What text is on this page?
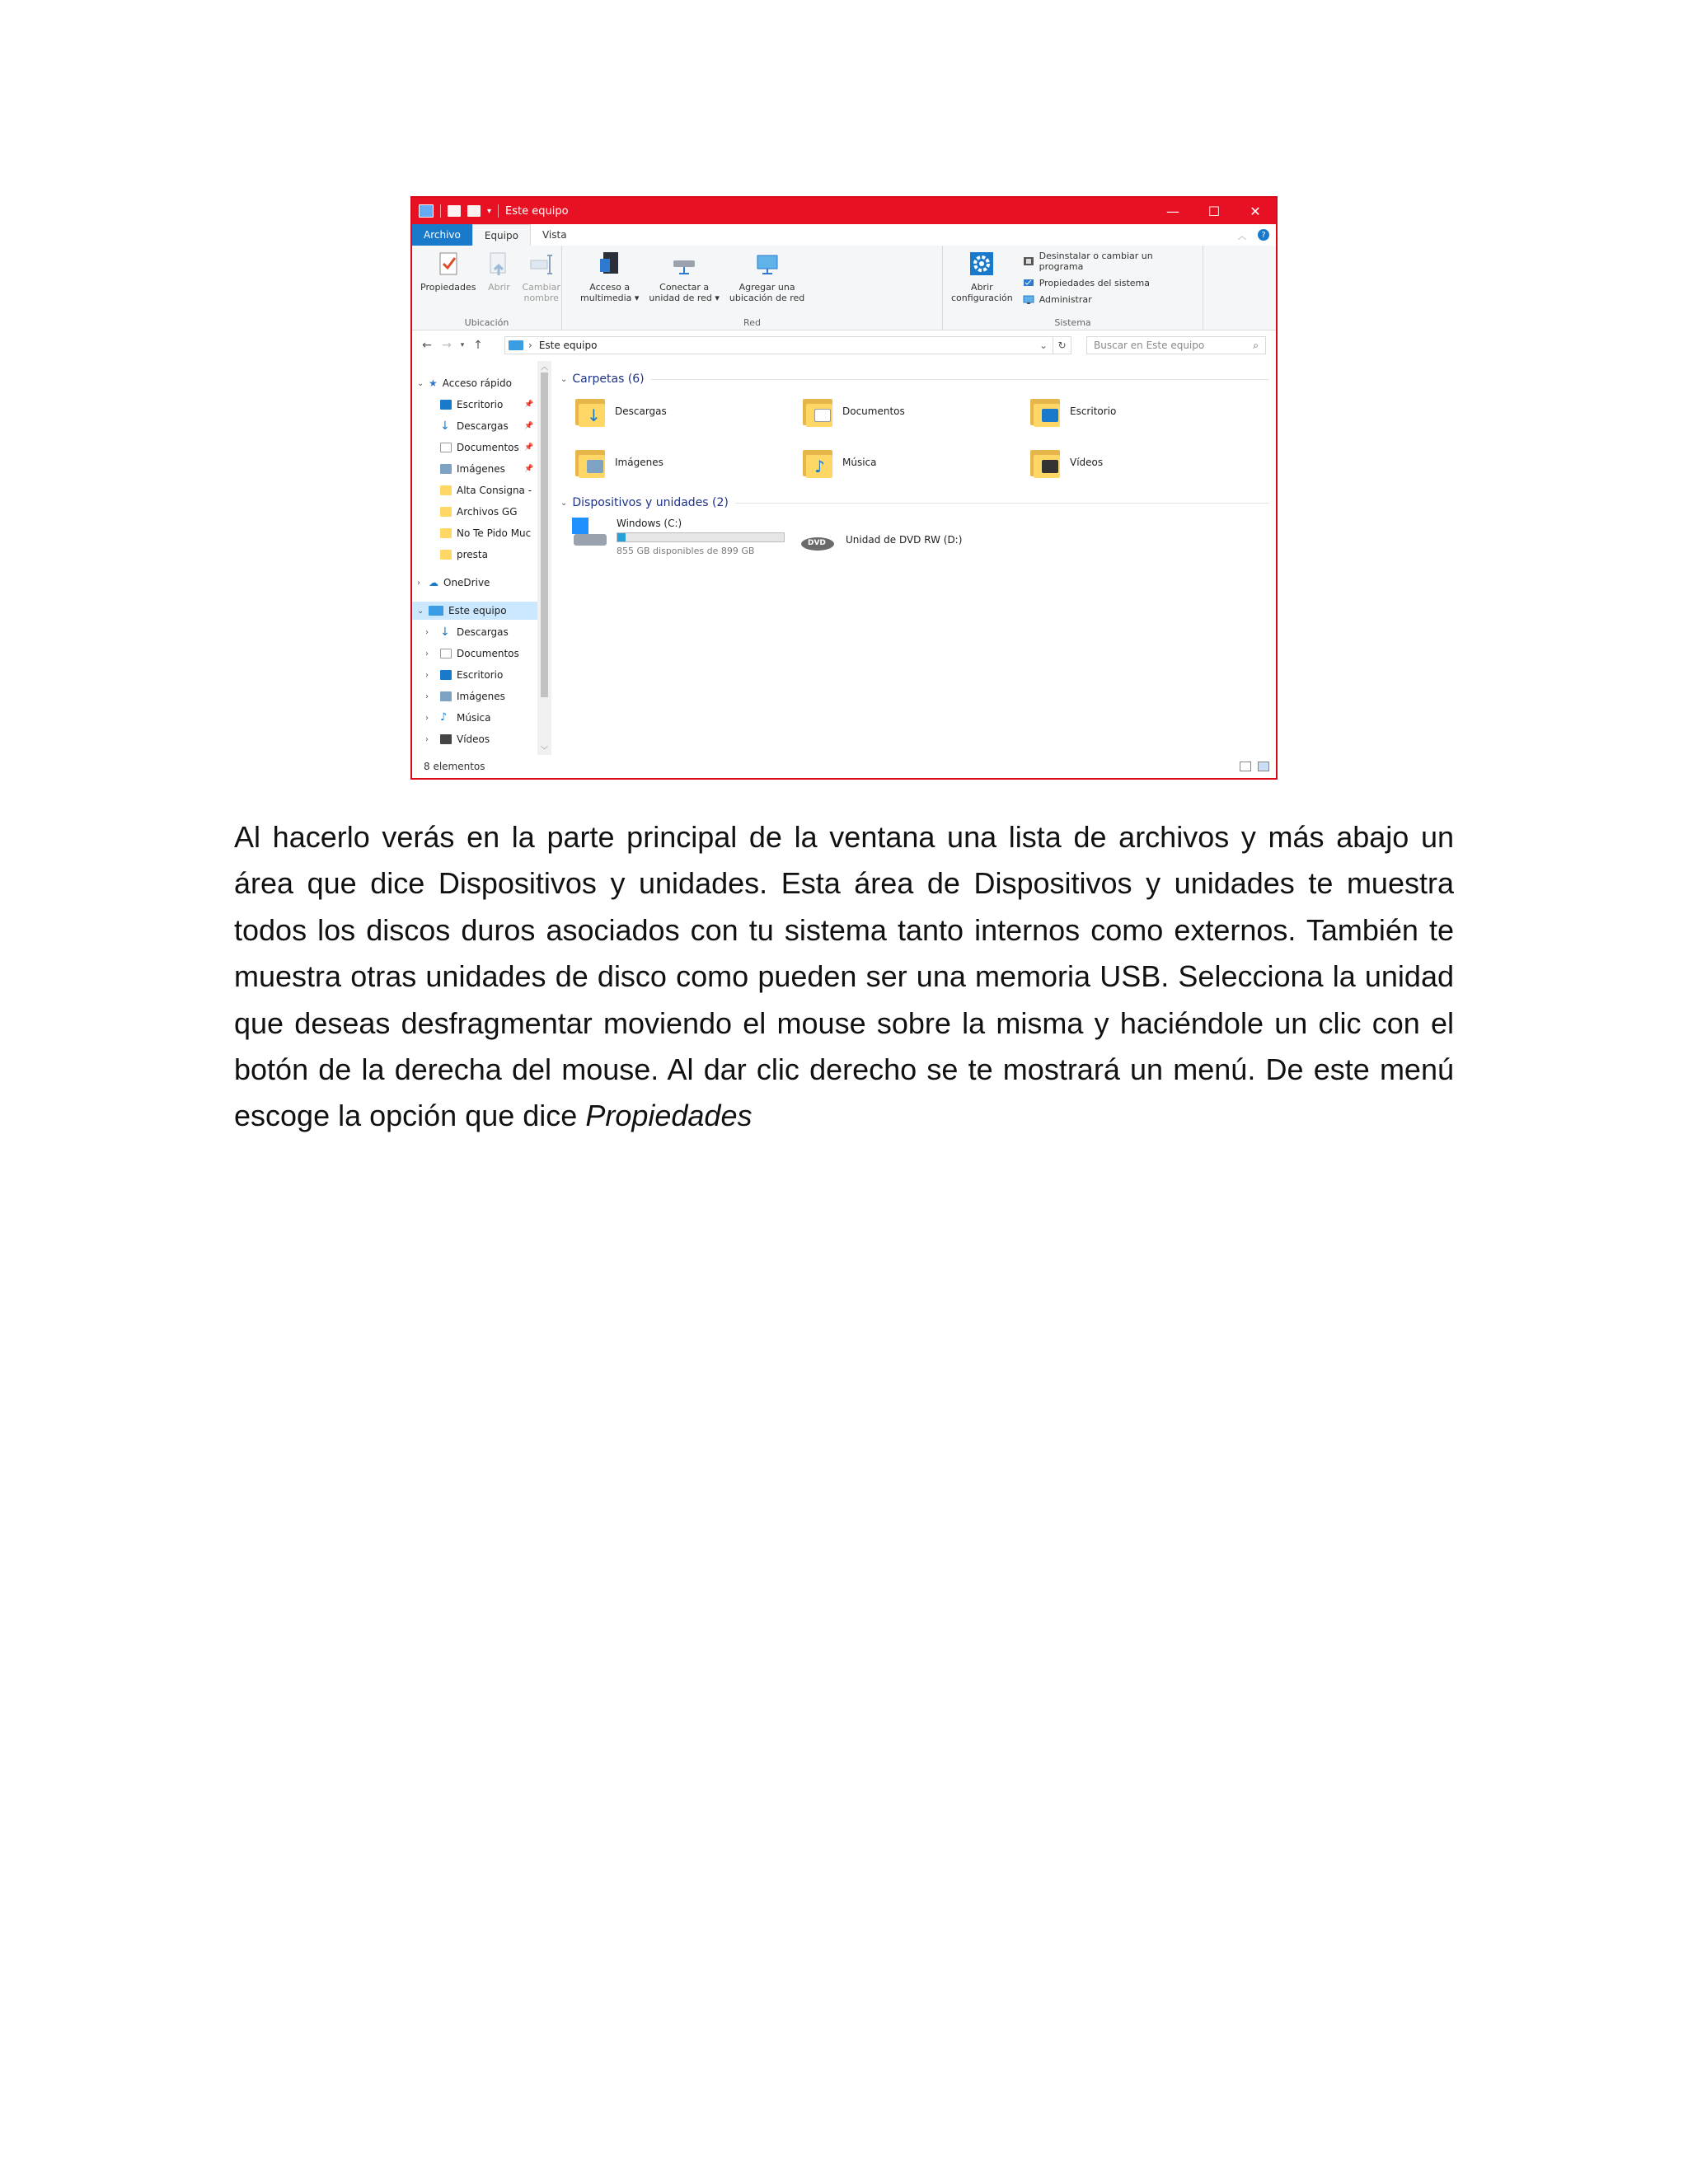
▾ Este equipo	—	☐	✕
Archivo	Equipo	Vista	︿	?
Propiedades Abrir Cambiar
nombre
Ubicación
Acceso a
multimedia ▾
Conectar a
unidad de red ▾
Agregar una
ubicación de red
Red
Abrir
configuración
Desinstalar o cambiar un programa
Propiedades del sistema
Administrar
Sistema
← →	▾ ↑	› Este equipo	⌄	↻	Buscar en Este equipo	⌕
⌄ ★ Acceso rápido
Escritorio	📌
↓ Descargas 📌
Documentos 📌
Imágenes	📌
Alta Consigna -
Archivos GG
No Te Pido Muc
presta
› ☁ OneDrive
⌄ Este equipo
›	↓ Descargas
›	Documentos
›	Escritorio
›	Imágenes
›	♪ Música
›	Vídeos
︿
﹀
⌄ Carpetas (6)
↓ Descargas	Documentos	Escritorio
Imágenes	♪	Música	Vídeos
⌄ Dispositivos y unidades (2)
Windows (C:)
855 GB disponibles de 899 GB
DVD Unidad de DVD RW (D:)
8 elementos
Al hacerlo verás en la parte principal de la ventana una lista de archivos y más abajo un
área que dice Dispositivos y unidades. Esta área de Dispositivos y unidades te muestra
todos los discos duros asociados con tu sistema tanto internos como externos. También te
muestra otras unidades de disco como pueden ser una memoria USB. Selecciona la unidad
que deseas desfragmentar moviendo el mouse sobre la misma y haciéndole un clic con el
botón de la derecha del mouse. Al dar clic derecho se te mostrará un menú. De este menú
escoge la opción que dice Propiedades
